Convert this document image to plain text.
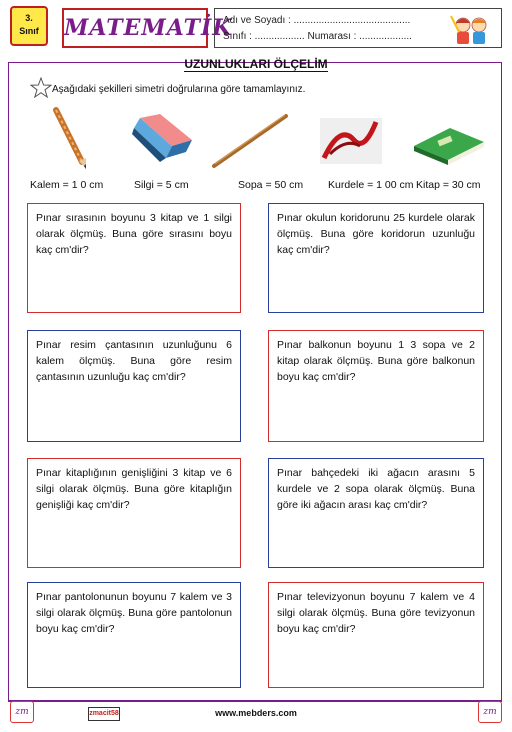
3.
Sınıf	MATEMATİK
Adı ve Soyadı : ..........................................
Sınıfı : .................. Numarası : ...................
UZUNLUKLARI ÖLÇELİM
Aşağıdaki şekilleri simetri doğrularına göre tamamlayınız.
Kalem = 1 0 cm	Silgi = 5 cm	Sopa = 50 cm Kurdele = 1 00 cm Kitap = 30 cm
Pınar sırasının boyunu 3 kitap ve 1 silgi olarak ölçmüş. Buna göre sırasını boyu kaç cm'dir?
Pınar okulun koridorunu 25 kurdele olarak ölçmüş. Buna göre koridorun uzunluğu kaç cm'dir?
Pınar resim çantasının uzunluğunu 6 kalem ölçmüş. Buna göre resim çantasının uzunluğu kaç cm'dir?
Pınar balkonun boyunu 1 3 sopa ve 2 kitap olarak ölçmüş. Buna göre balkonun boyu kaç cm'dir?
Pınar kitaplığının genişliğini 3 kitap ve 6 silgi olarak ölçmüş. Buna göre kitaplığın genişliği kaç cm'dir?
Pınar bahçedeki iki ağacın arasını 5 kurdele ve 2 sopa olarak ölçmüş. Buna göre iki ağacın arası kaç cm'dir?
Pınar pantolonunun boyunu 7 kalem ve 3 silgi olarak ölçmüş. Buna göre pantolonun boyu kaç cm'dir?
Pınar televizyonun boyunu 7 kalem ve 4 silgi olarak ölçmüş. Buna göre tevizyonun boyu kaç cm'dir?
zm	zmacit58	www.mebders.com	zm
